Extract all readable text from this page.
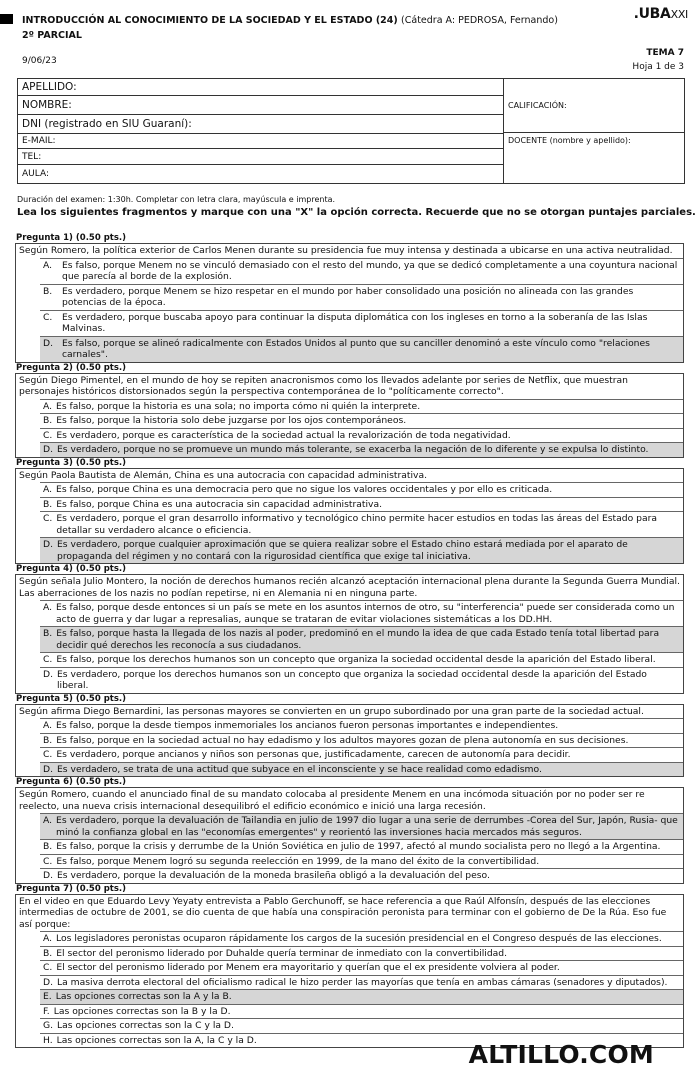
INTRODUCCIÓN AL CONOCIMIENTO DE LA SOCIEDAD Y EL ESTADO (24) (Cátedra A: PEDROSA, Fernando)
2º PARCIAL
.UBAXXI
9/06/23
TEMA 7
Hoja 1 de 3
APELLIDO:
NOMBRE:
DNI (registrado en SIU Guaraní):
E-MAIL:
TEL:
AULA:
CALIFICACIÓN:
DOCENTE (nombre y apellido):
Duración del examen: 1:30h. Completar con letra clara, mayúscula e imprenta.
Lea los siguientes fragmentos y marque con una "X" la opción correcta. Recuerde que no se otorgan puntajes parciales.
Pregunta 1) (0.50 pts.)
Según Romero, la política exterior de Carlos Menen durante su presidencia fue muy intensa y destinada a ubicarse en una activa neutralidad.
A.	Es falso, porque Menem no se vinculó demasiado con el resto del mundo, ya que se dedicó completamente a una coyuntura nacional que parecía al borde de la explosión.
B.	Es verdadero, porque Menem se hizo respetar en el mundo por haber consolidado una posición no alineada con las grandes potencias de la época.
C.	Es verdadero, porque buscaba apoyo para continuar la disputa diplomática con los ingleses en torno a la soberanía de las Islas Malvinas.
D. Es falso, porque se alineó radicalmente con Estados Unidos al punto que su canciller denominó a este vínculo como "relaciones carnales".
Pregunta 2) (0.50 pts.)
Según Diego Pimentel, en el mundo de hoy se repiten anacronismos como los llevados adelante por series de Netflix, que muestran personajes históricos distorsionados según la perspectiva contemporánea de lo "políticamente correcto".
A. Es falso, porque la historia es una sola; no importa cómo ni quién la interprete.
B. Es falso, porque la historia solo debe juzgarse por los ojos contemporáneos.
C. Es verdadero, porque es característica de la sociedad actual la revalorización de toda negatividad.
D. Es verdadero, porque no se promueve un mundo más tolerante, se exacerba la negación de lo diferente y se expulsa lo distinto.
Pregunta 3) (0.50 pts.)
Según Paola Bautista de Alemán, China es una autocracia con capacidad administrativa.
A. Es falso, porque China es una democracia pero que no sigue los valores occidentales y por ello es criticada.
B. Es falso, porque China es una autocracia sin capacidad administrativa.
C. Es verdadero, porque el gran desarrollo informativo y tecnológico chino permite hacer estudios en todas las áreas del Estado para detallar su verdadero alcance o eficiencia.
D. Es verdadero, porque cualquier aproximación que se quiera realizar sobre el Estado chino estará mediada por el aparato de propaganda del régimen y no contará con la rigurosidad científica que exige tal iniciativa.
Pregunta 4) (0.50 pts.)
Según señala Julio Montero, la noción de derechos humanos recién alcanzó aceptación internacional plena durante la Segunda Guerra Mundial. Las aberraciones de los nazis no podían repetirse, ni en Alemania ni en ninguna parte.
A. Es falso, porque desde entonces si un país se mete en los asuntos internos de otro, su "interferencia" puede ser considerada como un acto de guerra y dar lugar a represalias, aunque se trataran de evitar violaciones sistemáticas a los DD.HH.
B. Es falso, porque hasta la llegada de los nazis al poder, predominó en el mundo la idea de que cada Estado tenía total libertad para decidir qué derechos les reconocía a sus ciudadanos.
C. Es falso, porque los derechos humanos son un concepto que organiza la sociedad occidental desde la aparición del Estado liberal.
D. Es verdadero, porque los derechos humanos son un concepto que organiza la sociedad occidental desde la aparición del Estado liberal.
Pregunta 5) (0.50 pts.)
Según afirma Diego Bernardini, las personas mayores se convierten en un grupo subordinado por una gran parte de la sociedad actual.
A. Es falso, porque la desde tiempos inmemoriales los ancianos fueron personas importantes e independientes.
B. Es falso, porque en la sociedad actual no hay edadismo y los adultos mayores gozan de plena autonomía en sus decisiones.
C. Es verdadero, porque ancianos y niños son personas que, justificadamente, carecen de autonomía para decidir.
D. Es verdadero, se trata de una actitud que subyace en el inconsciente y se hace realidad como edadismo.
Pregunta 6) (0.50 pts.)
Según Romero, cuando el anunciado final de su mandato colocaba al presidente Menem en una incómoda situación por no poder ser re reelecto, una nueva crisis internacional desequilibró el edificio económico e inició una larga recesión.
A. Es verdadero, porque la devaluación de Tailandia en julio de 1997 dio lugar a una serie de derrumbes -Corea del Sur, Japón, Rusia- que minó la confianza global en las "economías emergentes" y reorientó las inversiones hacia mercados más seguros.
B. Es falso, porque la crisis y derrumbe de la Unión Soviética en julio de 1997, afectó al mundo socialista pero no llegó a la Argentina.
C. Es falso, porque Menem logró su segunda reelección en 1999, de la mano del éxito de la convertibilidad.
D. Es verdadero, porque la devaluación de la moneda brasileña obligó a la devaluación del peso.
Pregunta 7) (0.50 pts.)
En el video en que Eduardo Levy Yeyaty entrevista a Pablo Gerchunoff, se hace referencia a que Raúl Alfonsín, después de las elecciones intermedias de octubre de 2001, se dio cuenta de que había una conspiración peronista para terminar con el gobierno de De la Rúa. Eso fue así porque:
A. Los legisladores peronistas ocuparon rápidamente los cargos de la sucesión presidencial en el Congreso después de las elecciones.
B. El sector del peronismo liderado por Duhalde quería terminar de inmediato con la convertibilidad.
C. El sector del peronismo liderado por Menem era mayoritario y querían que el ex presidente volviera al poder.
D. La masiva derrota electoral del oficialismo radical le hizo perder las mayorías que tenía en ambas cámaras (senadores y diputados).
E. Las opciones correctas son la A y la B.
F. Las opciones correctas son la B y la D.
G. Las opciones correctas son la C y la D.
H. Las opciones correctas son la A, la C y la D.	ALTILLO.COM
